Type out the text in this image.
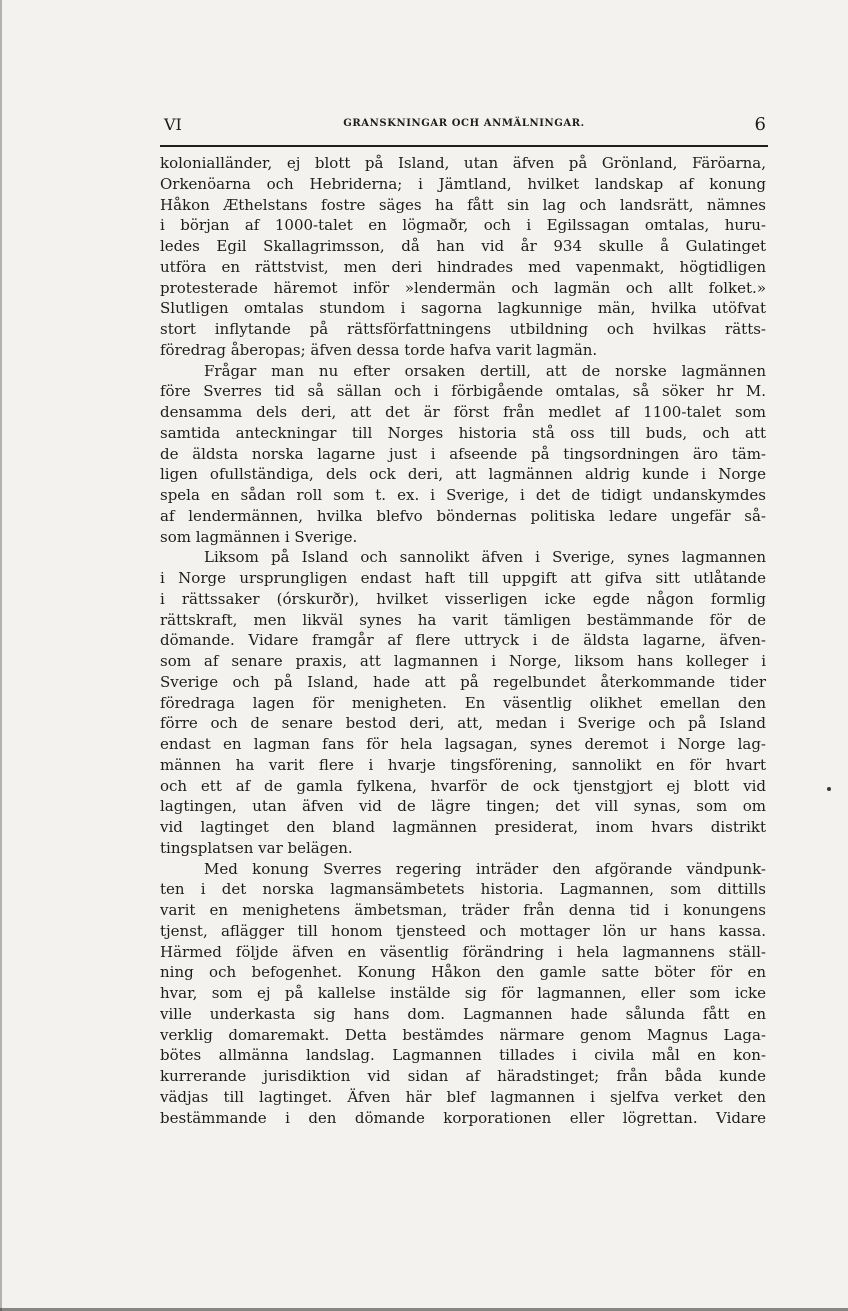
VI	GRANSKNINGAR OCH ANMÄLNINGAR.	6
kolonialländer, ej blott på Island, utan äfven på Grönland, Färöarna,
Orkenöarna och Hebriderna; i Jämtland, hvilket landskap af konung
Håkon Æthelstans fostre säges ha fått sin lag och landsrätt, nämnes
i början af 1000-talet en lögmaðr, och i Egilssagan omtalas, huru-
ledes Egil Skallagrimsson, då han vid år 934 skulle å Gulatinget
utföra en rättstvist, men deri hindrades med vapenmakt, högtidligen
protesterade häremot inför »lendermän och lagmän och allt folket.»
Slutligen omtalas stundom i sagorna lagkunnige män, hvilka utöfvat
stort inflytande på rättsförfattningens utbildning och hvilkas rätts-
föredrag åberopas; äfven dessa torde hafva varit lagmän.
Frågar man nu efter orsaken dertill, att de norske lagmännen
före Sverres tid så sällan och i förbigående omtalas, så söker hr M.
densamma dels deri, att det är först från medlet af 1100-talet som
samtida anteckningar till Norges historia stå oss till buds, och att
de äldsta norska lagarne just i afseende på tingsordningen äro täm-
ligen ofullständiga, dels ock deri, att lagmännen aldrig kunde i Norge
spela en sådan roll som t. ex. i Sverige, i det de tidigt undanskymdes
af lendermännen, hvilka blefvo böndernas politiska ledare ungefär så-
som lagmännen i Sverige.
Liksom på Island och sannolikt äfven i Sverige, synes lagmannen
i Norge ursprungligen endast haft till uppgift att gifva sitt utlåtande
i rättssaker (órskurðr), hvilket visserligen icke egde någon formlig
rättskraft, men likväl synes ha varit tämligen bestämmande för de
dömande. Vidare framgår af flere uttryck i de äldsta lagarne, äfven-
som af senare praxis, att lagmannen i Norge, liksom hans kolleger i
Sverige och på Island, hade att på regelbundet återkommande tider
föredraga lagen för menigheten. En väsentlig olikhet emellan den
förre och de senare bestod deri, att, medan i Sverige och på Island
endast en lagman fans för hela lagsagan, synes deremot i Norge lag-
männen ha varit flere i hvarje tingsförening, sannolikt en för hvart
och ett af de gamla fylkena, hvarför de ock tjenstgjort ej blott vid
lagtingen, utan äfven vid de lägre tingen; det vill synas, som om
vid lagtinget den bland lagmännen presiderat, inom hvars distrikt
tingsplatsen var belägen.
Med konung Sverres regering inträder den afgörande vändpunk-
ten i det norska lagmansämbetets historia. Lagmannen, som dittills
varit en menighetens ämbetsman, träder från denna tid i konungens
tjenst, aflägger till honom tjensteed och mottager lön ur hans kassa.
Härmed följde äfven en väsentlig förändring i hela lagmannens ställ-
ning och befogenhet. Konung Håkon den gamle satte böter för en
hvar, som ej på kallelse instälde sig för lagmannen, eller som icke
ville underkasta sig hans dom. Lagmannen hade sålunda fått en
verklig domaremakt. Detta bestämdes närmare genom Magnus Laga-
bötes allmänna landslag. Lagmannen tillades i civila mål en kon-
kurrerande jurisdiktion vid sidan af häradstinget; från båda kunde
vädjas till lagtinget. Äfven här blef lagmannen i sjelfva verket den
bestämmande i den dömande korporationen eller lögrettan. Vidare
